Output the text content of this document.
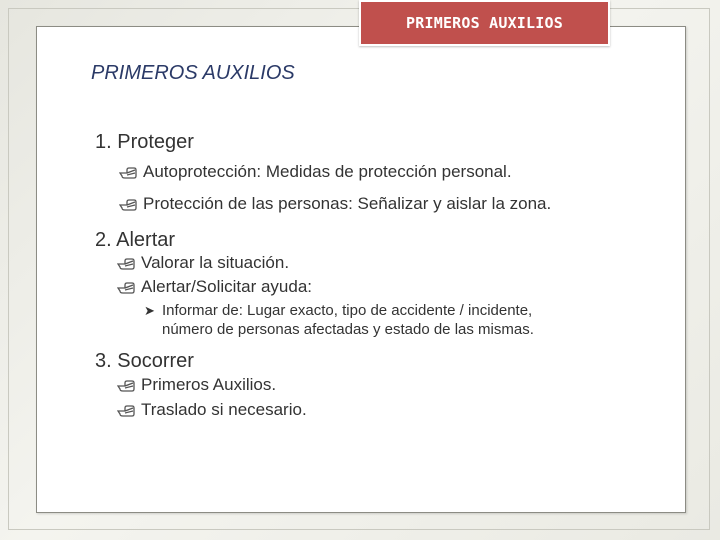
PRIMEROS AUXILIOS
PRIMEROS AUXILIOS
1. Proteger
Autoprotección: Medidas de protección personal.
Protección de las personas: Señalizar y aislar la zona.
2. Alertar
Valorar la situación.
Alertar/Solicitar ayuda:
➤ Informar de: Lugar exacto, tipo de accidente / incidente,
número de personas afectadas y estado de las mismas.
3. Socorrer
Primeros Auxilios.
Traslado si necesario.
